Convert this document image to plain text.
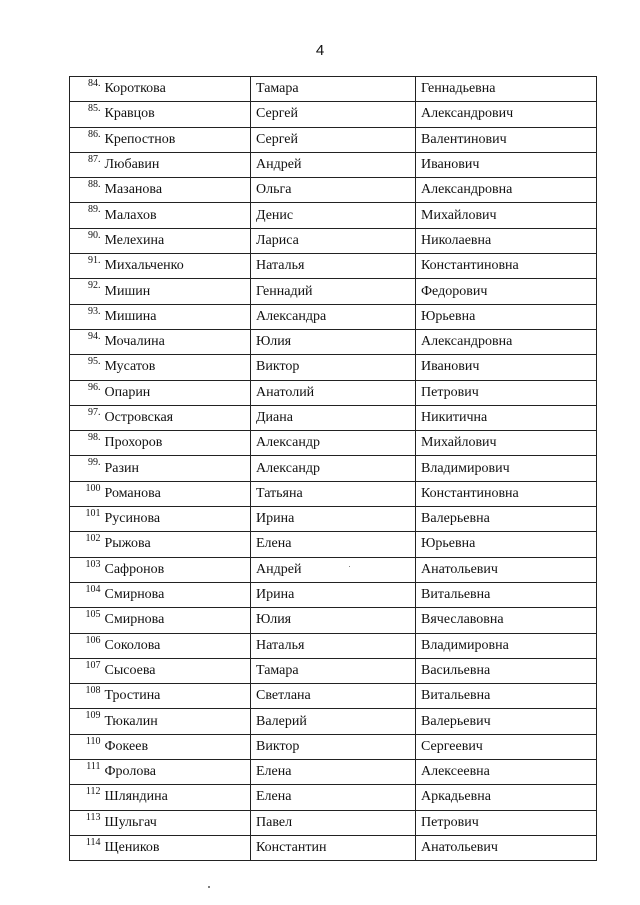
4
84.	Короткова	Тамара	Геннадьевна
85.	Кравцов	Сергей	Александрович
86.	Крепостнов	Сергей	Валентинович
87.	Любавин	Андрей	Иванович
88.	Мазанова	Ольга	Александровна
89.	Малахов	Денис	Михайлович
90.	Мелехина	Лариса	Николаевна
91.	Михальченко	Наталья	Константиновна
92.	Мишин	Геннадий	Федорович
93.	Мишина	Александра	Юрьевна
94.	Мочалина	Юлия	Александровна
95.	Мусатов	Виктор	Иванович
96.	Опарин	Анатолий	Петрович
97.	Островская	Диана	Никитична
98.	Прохоров	Александр	Михайлович
99.	Разин	Александр	Владимирович
100	Романова	Татьяна	Константиновна
101	Русинова	Ирина	Валерьевна
102	Рыжова	Елена	Юрьевна
103	Сафронов	Андрей	Анатольевич
104	Смирнова	Ирина	Витальевна
105	Смирнова	Юлия	Вячеславовна
106	Соколова	Наталья	Владимировна
107	Сысоева	Тамара	Васильевна
108	Тростина	Светлана	Витальевна
109	Тюкалин	Валерий	Валерьевич
110	Фокеев	Виктор	Сергеевич
111	Фролова	Елена	Алексеевна
112	Шляндина	Елена	Аркадьевна
113	Шульгач	Павел	Петрович
114	Щеников	Константин	Анатольевич
